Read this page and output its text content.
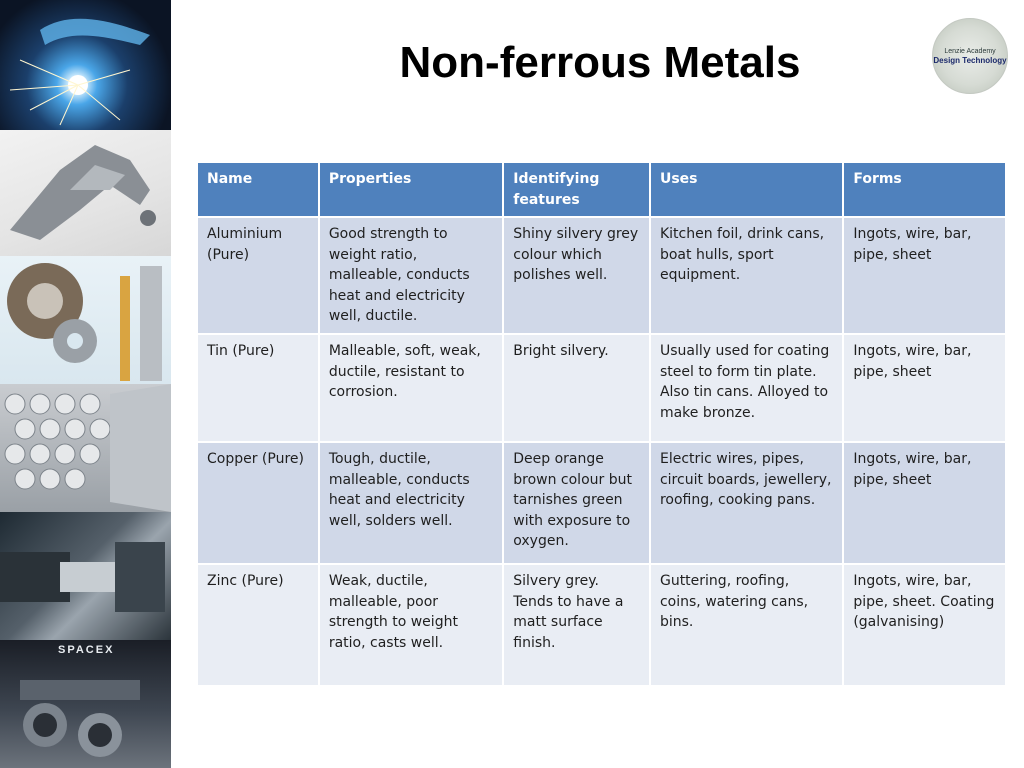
SPACEX
Non-ferrous Metals	Lenzie Academy
Design Technology
Name	Properties	Identifying features	Uses	Forms
Aluminium (Pure)	Good strength to weight ratio, malleable, conducts heat and electricity well, ductile.	Shiny silvery grey colour which polishes well.	Kitchen foil, drink cans, boat hulls, sport equipment.	Ingots, wire, bar, pipe, sheet
Tin (Pure)	Malleable, soft, weak, ductile, resistant to corrosion.	Bright silvery.	Usually used for coating steel to form tin plate. Also tin cans. Alloyed to make bronze.	Ingots, wire, bar, pipe, sheet
Copper (Pure)	Tough, ductile, malleable, conducts heat and electricity well, solders well.	Deep orange brown colour but tarnishes green with exposure to oxygen.	Electric wires, pipes, circuit boards, jewellery, roofing, cooking pans.	Ingots, wire, bar, pipe, sheet
Zinc (Pure)	Weak, ductile, malleable, poor strength to weight ratio, casts well.	Silvery grey. Tends to have a matt surface finish.	Guttering, roofing, coins, watering cans, bins.	Ingots, wire, bar, pipe, sheet. Coating (galvanising)
